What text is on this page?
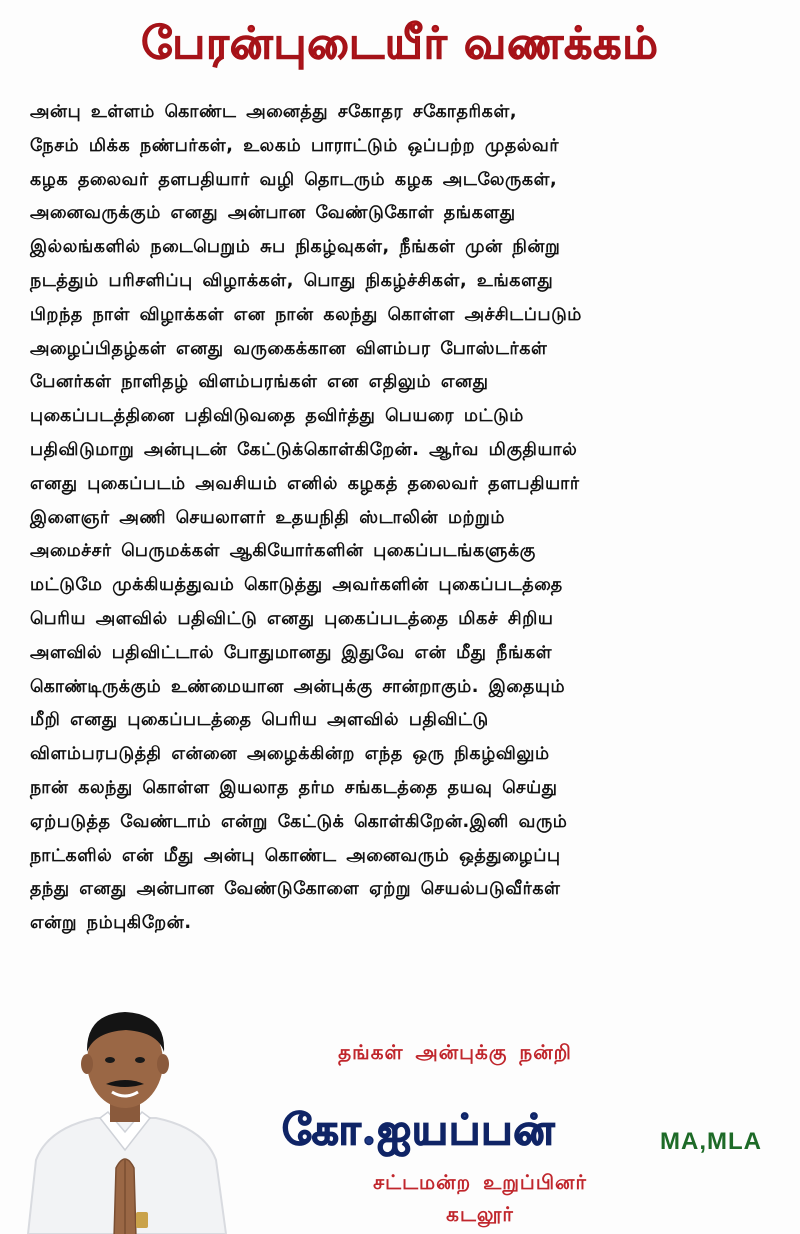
பேரன்புடையீர் வணக்கம்
அன்பு உள்ளம் கொண்ட அனைத்து சகோதர சகோதரிகள்,
நேசம் மிக்க நண்பர்கள், உலகம் பாராட்டும் ஒப்பற்ற முதல்வர்
கழக தலைவர் தளபதியார் வழி தொடரும் கழக அடலேருகள்,
அனைவருக்கும் எனது அன்பான வேண்டுகோள் தங்களது
இல்லங்களில் நடைபெறும் சுப நிகழ்வுகள், நீங்கள் முன் நின்று
நடத்தும் பரிசளிப்பு விழாக்கள், பொது நிகழ்ச்சிகள், உங்களது
பிறந்த நாள் விழாக்கள் என நான் கலந்து கொள்ள அச்சிடப்படும்
அழைப்பிதழ்கள் எனது வருகைக்கான விளம்பர போஸ்டர்கள்
பேனர்கள் நாளிதழ் விளம்பரங்கள் என எதிலும் எனது
புகைப்படத்தினை பதிவிடுவதை தவிர்த்து பெயரை மட்டும்
பதிவிடுமாறு அன்புடன் கேட்டுக்கொள்கிறேன். ஆர்வ மிகுதியால்
எனது புகைப்படம் அவசியம் எனில் கழகத் தலைவர் தளபதியார்
இளைஞர் அணி செயலாளர் உதயநிதி ஸ்டாலின் மற்றும்
அமைச்சர் பெருமக்கள் ஆகியோர்களின் புகைப்படங்களுக்கு
மட்டுமே முக்கியத்துவம் கொடுத்து அவர்களின் புகைப்படத்தை
பெரிய அளவில் பதிவிட்டு எனது புகைப்படத்தை மிகச் சிறிய
அளவில் பதிவிட்டால் போதுமானது இதுவே என் மீது நீங்கள்
கொண்டிருக்கும் உண்மையான அன்புக்கு சான்றாகும். இதையும்
மீறி எனது புகைப்படத்தை பெரிய அளவில் பதிவிட்டு
விளம்பரபடுத்தி என்னை அழைக்கின்ற எந்த ஒரு நிகழ்விலும்
நான் கலந்து கொள்ள இயலாத தர்ம சங்கடத்தை தயவு செய்து
ஏற்படுத்த வேண்டாம் என்று கேட்டுக் கொள்கிறேன்.இனி வரும்
நாட்களில் என் மீது அன்பு கொண்ட அனைவரும் ஒத்துழைப்பு
தந்து எனது அன்பான வேண்டுகோளை ஏற்று செயல்படுவீர்கள்
என்று நம்புகிறேன்.
தங்கள் அன்புக்கு நன்றி
கோ.ஐயப்பன்	MA,MLA
சட்டமன்ற உறுப்பினர்
கடலூர்
